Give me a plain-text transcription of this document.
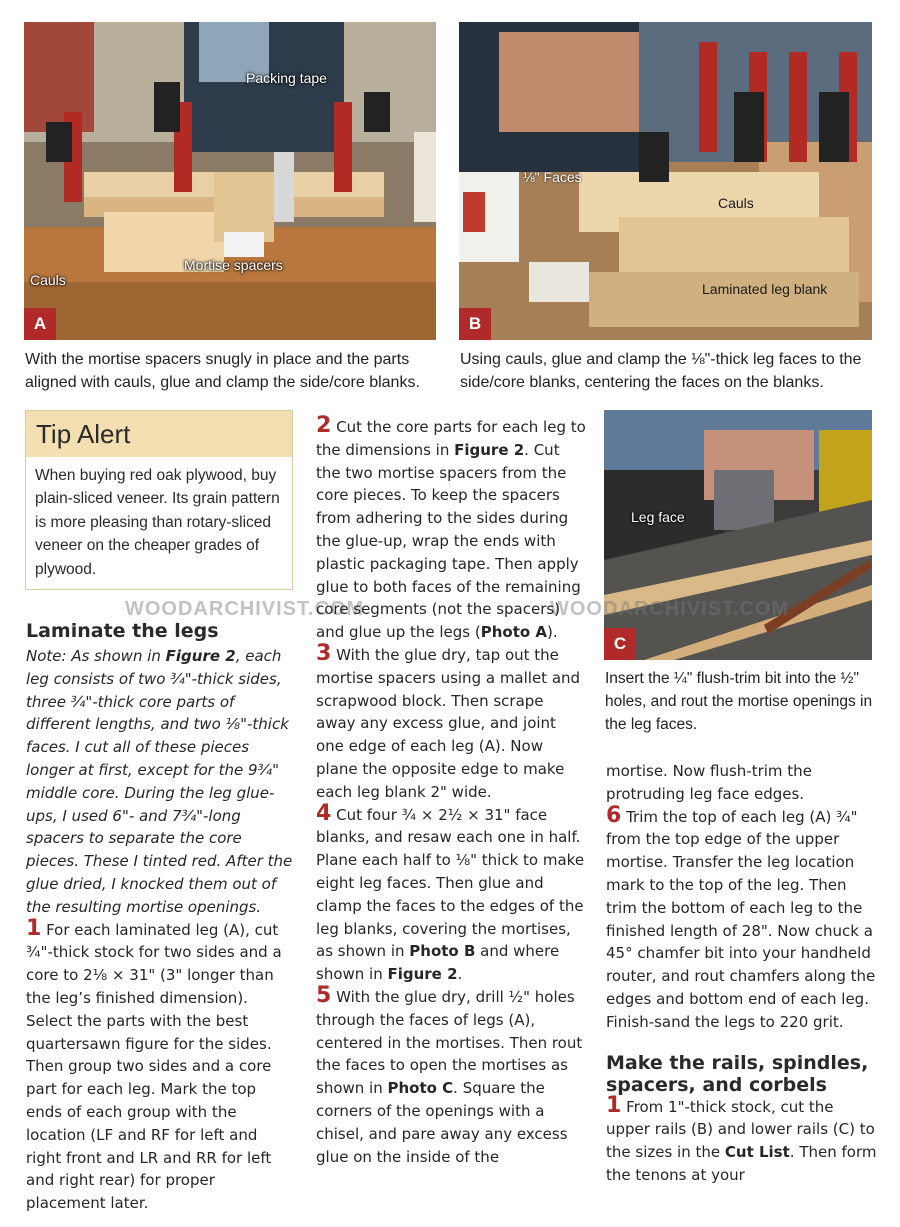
Packing tape
Cauls
Mortise spacers
A
With the mortise spacers snugly in place and the parts aligned with cauls, glue and clamp the side/core blanks.
⅛" Faces
Cauls
Laminated leg blank
B
Using cauls, glue and clamp the ⅛"-thick leg faces to the side/core blanks, centering the faces on the blanks.
Leg face
C
Insert the ¼" flush-trim bit into the ½" holes, and rout the mortise openings in the leg faces.
Tip Alert
When buying red oak plywood, buy plain-sliced veneer. Its grain pattern is more pleasing than rotary-sliced veneer on the cheaper grades of plywood.
WOODARCHIVIST.COM	WOODARCHIVIST.COM

Laminate the legs

Note: As shown in Figure 2, each leg consists of two ¾"-thick sides, three ¾"-thick core parts of different lengths, and two ⅛"-thick faces. I cut all of these pieces longer at first, except for the 9¾" middle core. During the leg glue-ups, I used 6"- and 7¾"-long spacers to separate the core pieces. These I tinted red. After the glue dried, I knocked them out of the resulting mortise openings.

1 For each laminated leg (A), cut ¾"-thick stock for two sides and a core to 2⅛ × 31" (3" longer than the leg’s finished dimension). Select the parts with the best quartersawn figure for the sides. Then group two sides and a core part for each leg. Mark the top ends of each group with the location (LF and RF for left and right front and LR and RR for left and right rear) for proper placement later.

2 Cut the core parts for each leg to the dimensions in Figure 2. Cut the two mortise spacers from the core pieces. To keep the spacers from adhering to the sides during the glue-up, wrap the ends with plastic packaging tape. Then apply glue to both faces of the remaining core segments (not the spacers) and glue up the legs (Photo A).

3 With the glue dry, tap out the mortise spacers using a mallet and scrapwood block. Then scrape away any excess glue, and joint one edge of each leg (A). Now plane the opposite edge to make each leg blank 2" wide.

4 Cut four ¾ × 2½ × 31" face blanks, and resaw each one in half. Plane each half to ⅛" thick to make eight leg faces. Then glue and clamp the faces to the edges of the leg blanks, covering the mortises, as shown in Photo B and where shown in Figure 2.

5 With the glue dry, drill ½" holes through the faces of legs (A), centered in the mortises. Then rout the faces to open the mortises as shown in Photo C. Square the corners of the openings with a chisel, and pare away any excess glue on the inside of the

mortise. Now flush-trim the protruding leg face edges.

6 Trim the top of each leg (A) ¾" from the top edge of the upper mortise. Transfer the leg location mark to the top of the leg. Then trim the bottom of each leg to the finished length of 28". Now chuck a 45° chamfer bit into your handheld router, and rout chamfers along the edges and bottom end of each leg. Finish-sand the legs to 220 grit.

Make the rails, spindles, spacers, and corbels

1 From 1"-thick stock, cut the upper rails (B) and lower rails (C) to the sizes in the Cut List. Then form the tenons at your
